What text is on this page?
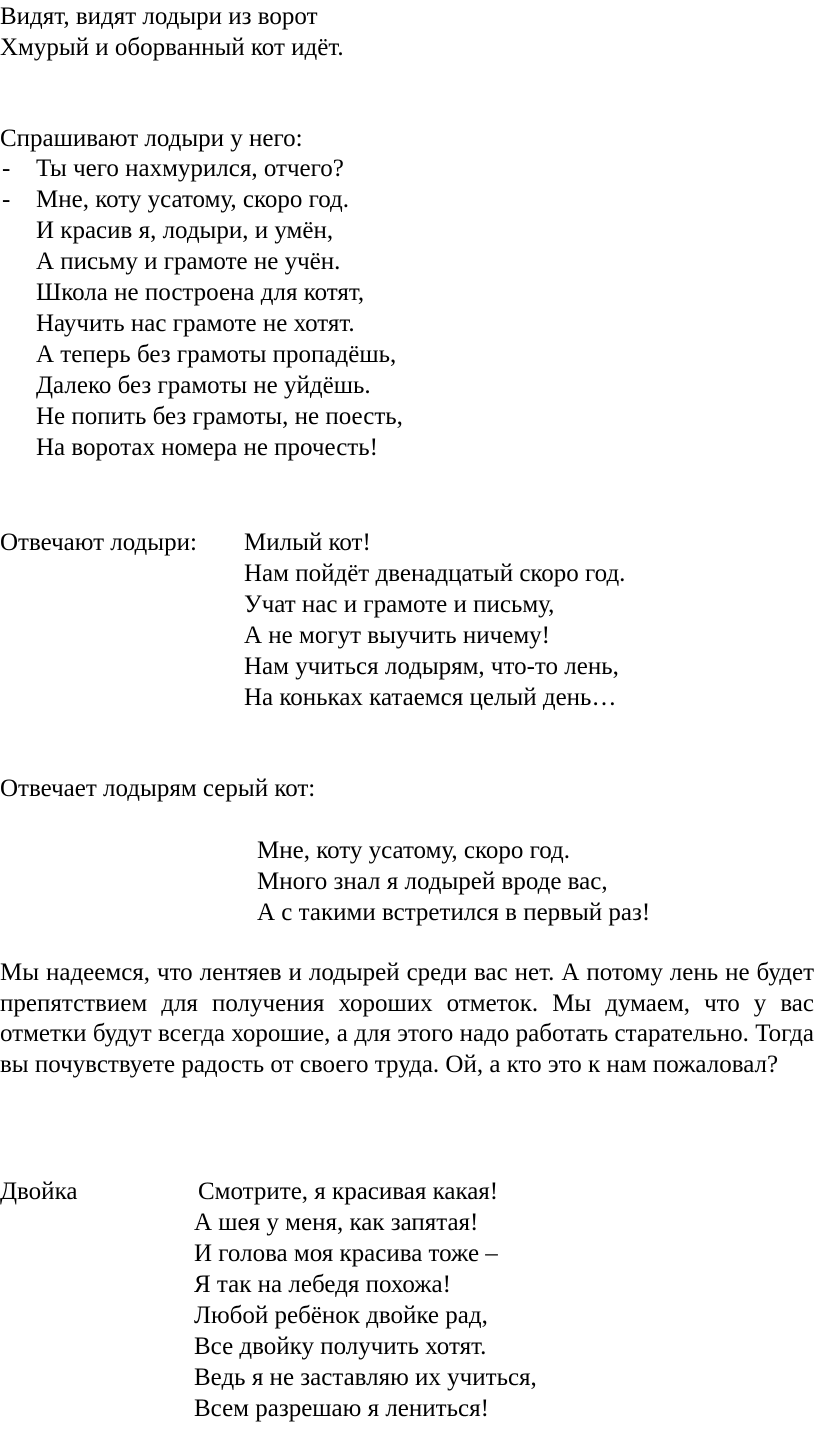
Видят, видят лодыри из ворот
Хмурый и оборванный кот идёт.
Спрашивают лодыри у него:
- Ты чего нахмурился, отчего?
- Мне, коту усатому, скоро год.
И красив я, лодыри, и умён,
А письму и грамоте не учён.
Школа не построена для котят,
Научить нас грамоте не хотят.
А теперь без грамоты пропадёшь,
Далеко без грамоты не уйдёшь.
Не попить без грамоты, не поесть,
На воротах номера не прочесть!
Отвечают лодыри: Милый кот!
Нам пойдёт двенадцатый скоро год.
Учат нас и грамоте и письму,
А не могут выучить ничему!
Нам учиться лодырям, что-то лень,
На коньках катаемся целый день…
Отвечает лодырям серый кот:
Мне, коту усатому, скоро год.
Много знал я лодырей вроде вас,
А с такими встретился в первый раз!
Мы надеемся, что лентяев и лодырей среди вас нет. А потому лень не будет препятствием для получения хороших отметок. Мы думаем, что у вас отметки будут всегда хорошие, а для этого надо работать старательно. Тогда вы почувствуете радость от своего труда. Ой, а кто это к нам пожаловал?
Двойка	Смотрите, я красивая какая!
А шея у меня, как запятая!
И голова моя красива тоже –
Я так на лебедя похожа!
Любой ребёнок двойке рад,
Все двойку получить хотят.
Ведь я не заставляю их учиться,
Всем разрешаю я лениться!
